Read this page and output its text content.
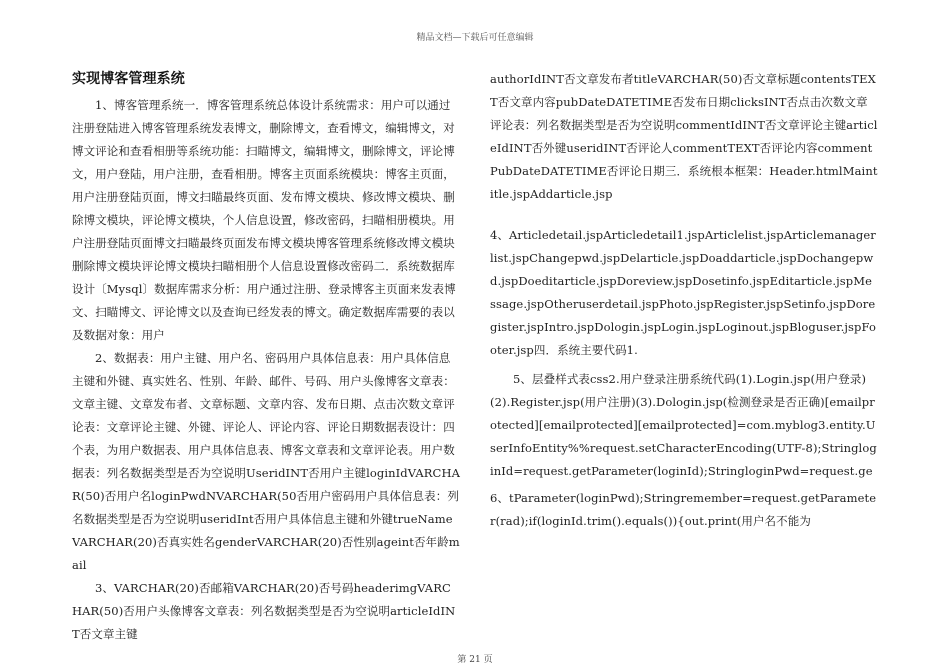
精品文档—下载后可任意编辑
实现博客管理系统

1、博客管理系统一．博客管理系统总体设计系统需求：用户可以通过注册登陆进入博客管理系统发表博文，删除博文，查看博文，编辑博文，对博文评论和查看相册等系统功能：扫瞄博文，编辑博文，删除博文，评论博文，用户登陆，用户注册，查看相册。博客主页面系统模块：博客主页面，用户注册登陆页面，博文扫瞄最终页面、发布博文模块、修改博文模块、删除博文模块，评论博文模块，个人信息设置，修改密码，扫瞄相册模块。用户注册登陆页面博文扫瞄最终页面发布博文模块博客管理系统修改博文模块删除博文模块评论博文模块扫瞄相册个人信息设置修改密码二．系统数据库设计〔Mysql〕数据库需求分析：用户通过注册、登录博客主页面来发表博文、扫瞄博文、评论博文以及查询已经发表的博文。确定数据库需要的表以及数据对象：用户

2、数据表：用户主键、用户名、密码用户具体信息表：用户具体信息主键和外键、真实姓名、性别、年龄、邮件、号码、用户头像博客文章表：文章主键、文章发布者、文章标题、文章内容、发布日期、点击次数文章评论表：文章评论主键、外键、评论人、评论内容、评论日期数据表设计：四个表，为用户数据表、用户具体信息表、博客文章表和文章评论表。用户数据表：列名数据类型是否为空说明UseridINT否用户主键loginIdVARCHAR(50)否用户名loginPwdNVARCHAR(50否用户密码用户具体信息表：列名数据类型是否为空说明useridInt否用户具体信息主键和外键trueNameVARCHAR(20)否真实姓名genderVARCHAR(20)否性别ageint否年龄mail

3、VARCHAR(20)否邮箱VARCHAR(20)否号码headerimgVARCHAR(50)否用户头像博客文章表：列名数据类型是否为空说明articleIdINT否文章主键

authorIdINT否文章发布者titleVARCHAR(50)否文章标题contentsTEXT否文章内容pubDateDATETIME否发布日期clicksINT否点击次数文章评论表：列名数据类型是否为空说明commentIdINT否文章评论主键articleIdINT否外键useridINT否评论人commentTEXT否评论内容commentPubDateDATETIME否评论日期三．系统根本框架：Header.htmlMaintitle.jspAddarticle.jsp

4、Articledetail.jspArticledetail1.jspArticlelist.jspArticlemanagerlist.jspChangepwd.jspDelarticle.jspDoaddarticle.jspDochangepwd.jspDoeditarticle.jspDoreview.jspDosetinfo.jspEditarticle.jspMessage.jspOtheruserdetail.jspPhoto.jspRegister.jspSetinfo.jspDoregister.jspIntro.jspDologin.jspLogin.jspLoginout.jspBloguser.jspFooter.jsp四．系统主要代码1.

5、层叠样式表css2.用户登录注册系统代码(1).Login.jsp(用户登录)(2).Register.jsp(用户注册)(3).Dologin.jsp(检测登录是否正确)[emailprotected][emailprotected][emailprotected]=com.myblog3.entity.UserInfoEntity%%request.setCharacterEncoding(UTF-8);StringloginId=request.getParameter(loginId);StringloginPwd=request.ge

6、tParameter(loginPwd);Stringremember=request.getParameter(rad);if(loginId.trim().equals()){out.print(用户名不能为

第 21 页
